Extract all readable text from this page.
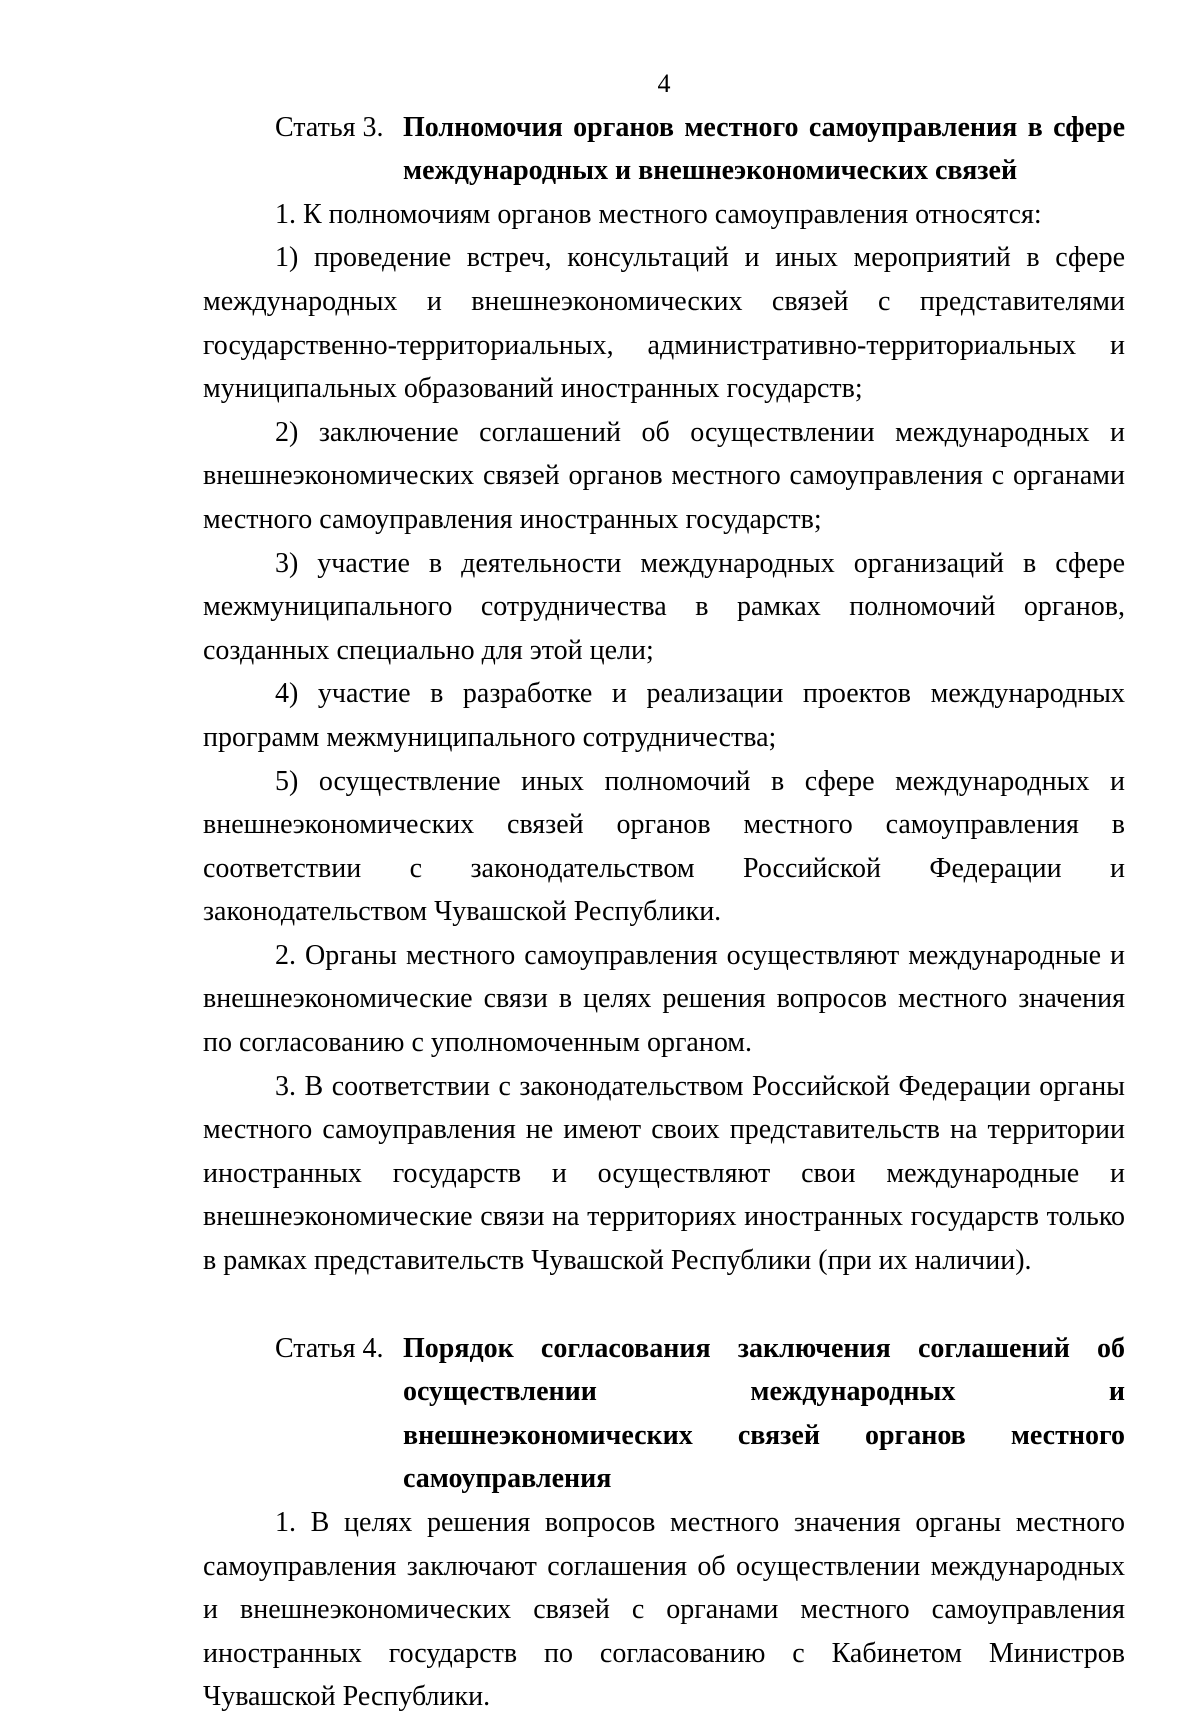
4
Статья 3. Полномочия органов местного самоуправления в сфере международных и внешнеэкономических связей

1. К полномочиям органов местного самоуправления относятся:

1) проведение встреч, консультаций и иных мероприятий в сфере международных и внешнеэкономических связей с представителями государственно-территориальных, административно-территориальных и муниципальных образований иностранных государств;

2) заключение соглашений об осуществлении международных и внешнеэкономических связей органов местного самоуправления с органами местного самоуправления иностранных государств;

3) участие в деятельности международных организаций в сфере межмуниципального сотрудничества в рамках полномочий органов, созданных специально для этой цели;

4) участие в разработке и реализации проектов международных программ межмуниципального сотрудничества;

5) осуществление иных полномочий в сфере международных и внешнеэкономических связей органов местного самоуправления в соответствии с законодательством Российской Федерации и законодательством Чувашской Республики.

2. Органы местного самоуправления осуществляют международные и внешнеэкономические связи в целях решения вопросов местного значения по согласованию с уполномоченным органом.

3. В соответствии с законодательством Российской Федерации органы местного самоуправления не имеют своих представительств на территории иностранных государств и осуществляют свои международные и внешнеэкономические связи на территориях иностранных государств только в рамках представительств Чувашской Республики (при их наличии).

Статья 4. Порядок согласования заключения соглашений об осуществлении международных и внешнеэкономических связей органов местного самоуправления

1. В целях решения вопросов местного значения органы местного самоуправления заключают соглашения об осуществлении международных и внешнеэкономических связей с органами местного самоуправления иностранных государств по согласованию с Кабинетом Министров Чувашской Республики.
